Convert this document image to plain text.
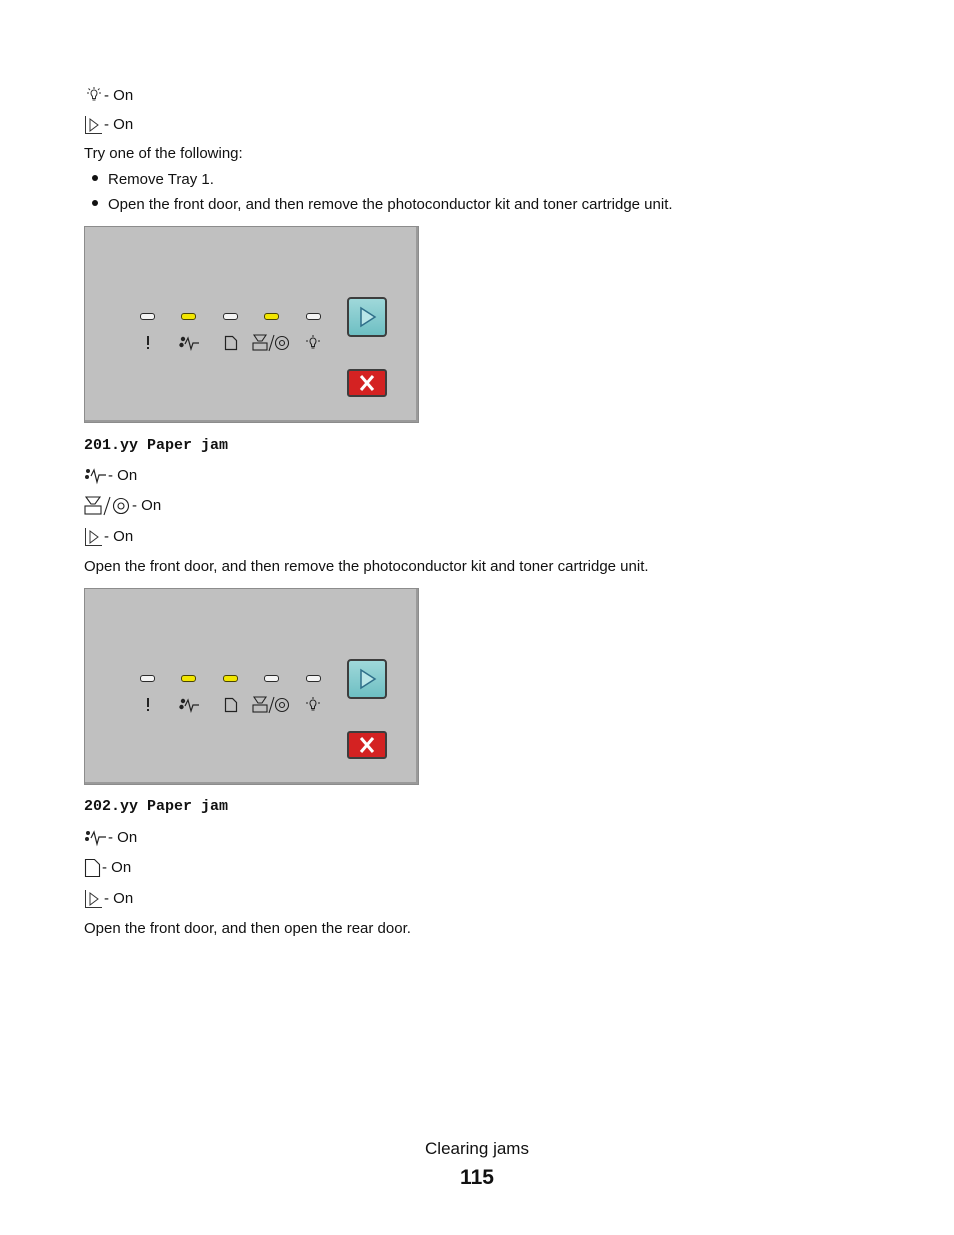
- On
- On
Try one of the following:
Remove Tray 1.
Open the front door, and then remove the photoconductor kit and toner cartridge unit.
201.yy Paper jam
- On
- On
- On
Open the front door, and then remove the photoconductor kit and toner cartridge unit.
202.yy Paper jam
- On
- On
- On
Open the front door, and then open the rear door.
Clearing jams
115
